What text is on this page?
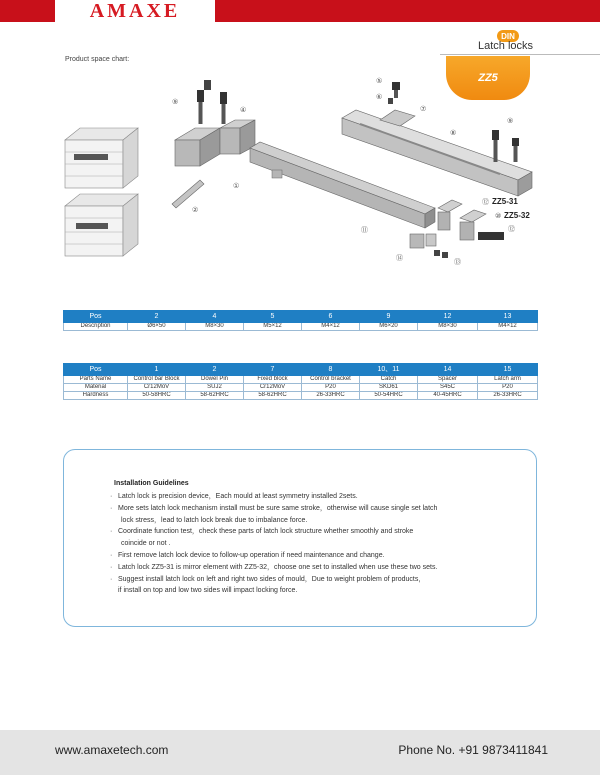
AMAXE
DIN
Latch locks
ZZ5
Product space chart:
⑨
④
⑤
⑥
⑦
⑧
⑨
①
②
⑪
⑫
⑭	⑬
⑫
⑩
ZZ5-31
ZZ5-32
Pos	2	4	5	6	9	12	13
Description	Ø6×50	M8×30	M5×12	M4×12	M6×20	M8×30	M4×12
Pos	1	2	7	8	10、11	14	15
Parts Name	Control bar Block	Dowel Pin	Fixed block	Control bracket	Catch	Spacer	Latch arm
Material	Cr12MoV	SUJ2	Cr12MoV	P20	SKD61	S45C	P20
Hardness	50-58HRC	58-62HRC	58-62HRC	26-33HRC	50-54HRC	40-45HRC	26-33HRC
Installation Guidelines
· Latch lock is precision device，Each mould at least symmetry installed 2sets.
· More sets latch lock mechanism install must be sure same stroke，otherwise will cause single set latch
lock stress，lead to latch lock break due to imbalance force.
· Coordinate function test，check these parts of latch lock structure whether smoothly and stroke
coincide or not .
· First remove latch lock device to follow-up operation if need maintenance and change.
· Latch lock ZZ5-31 is mirror element with ZZ5-32，choose one set to installed when use these two sets.
· Suggest install latch lock on left and right two sides of mould，Due to weight problem of products，
if install on top and low two sides will impact locking force.
www.amaxetech.com	Phone No. +91 9873411841
